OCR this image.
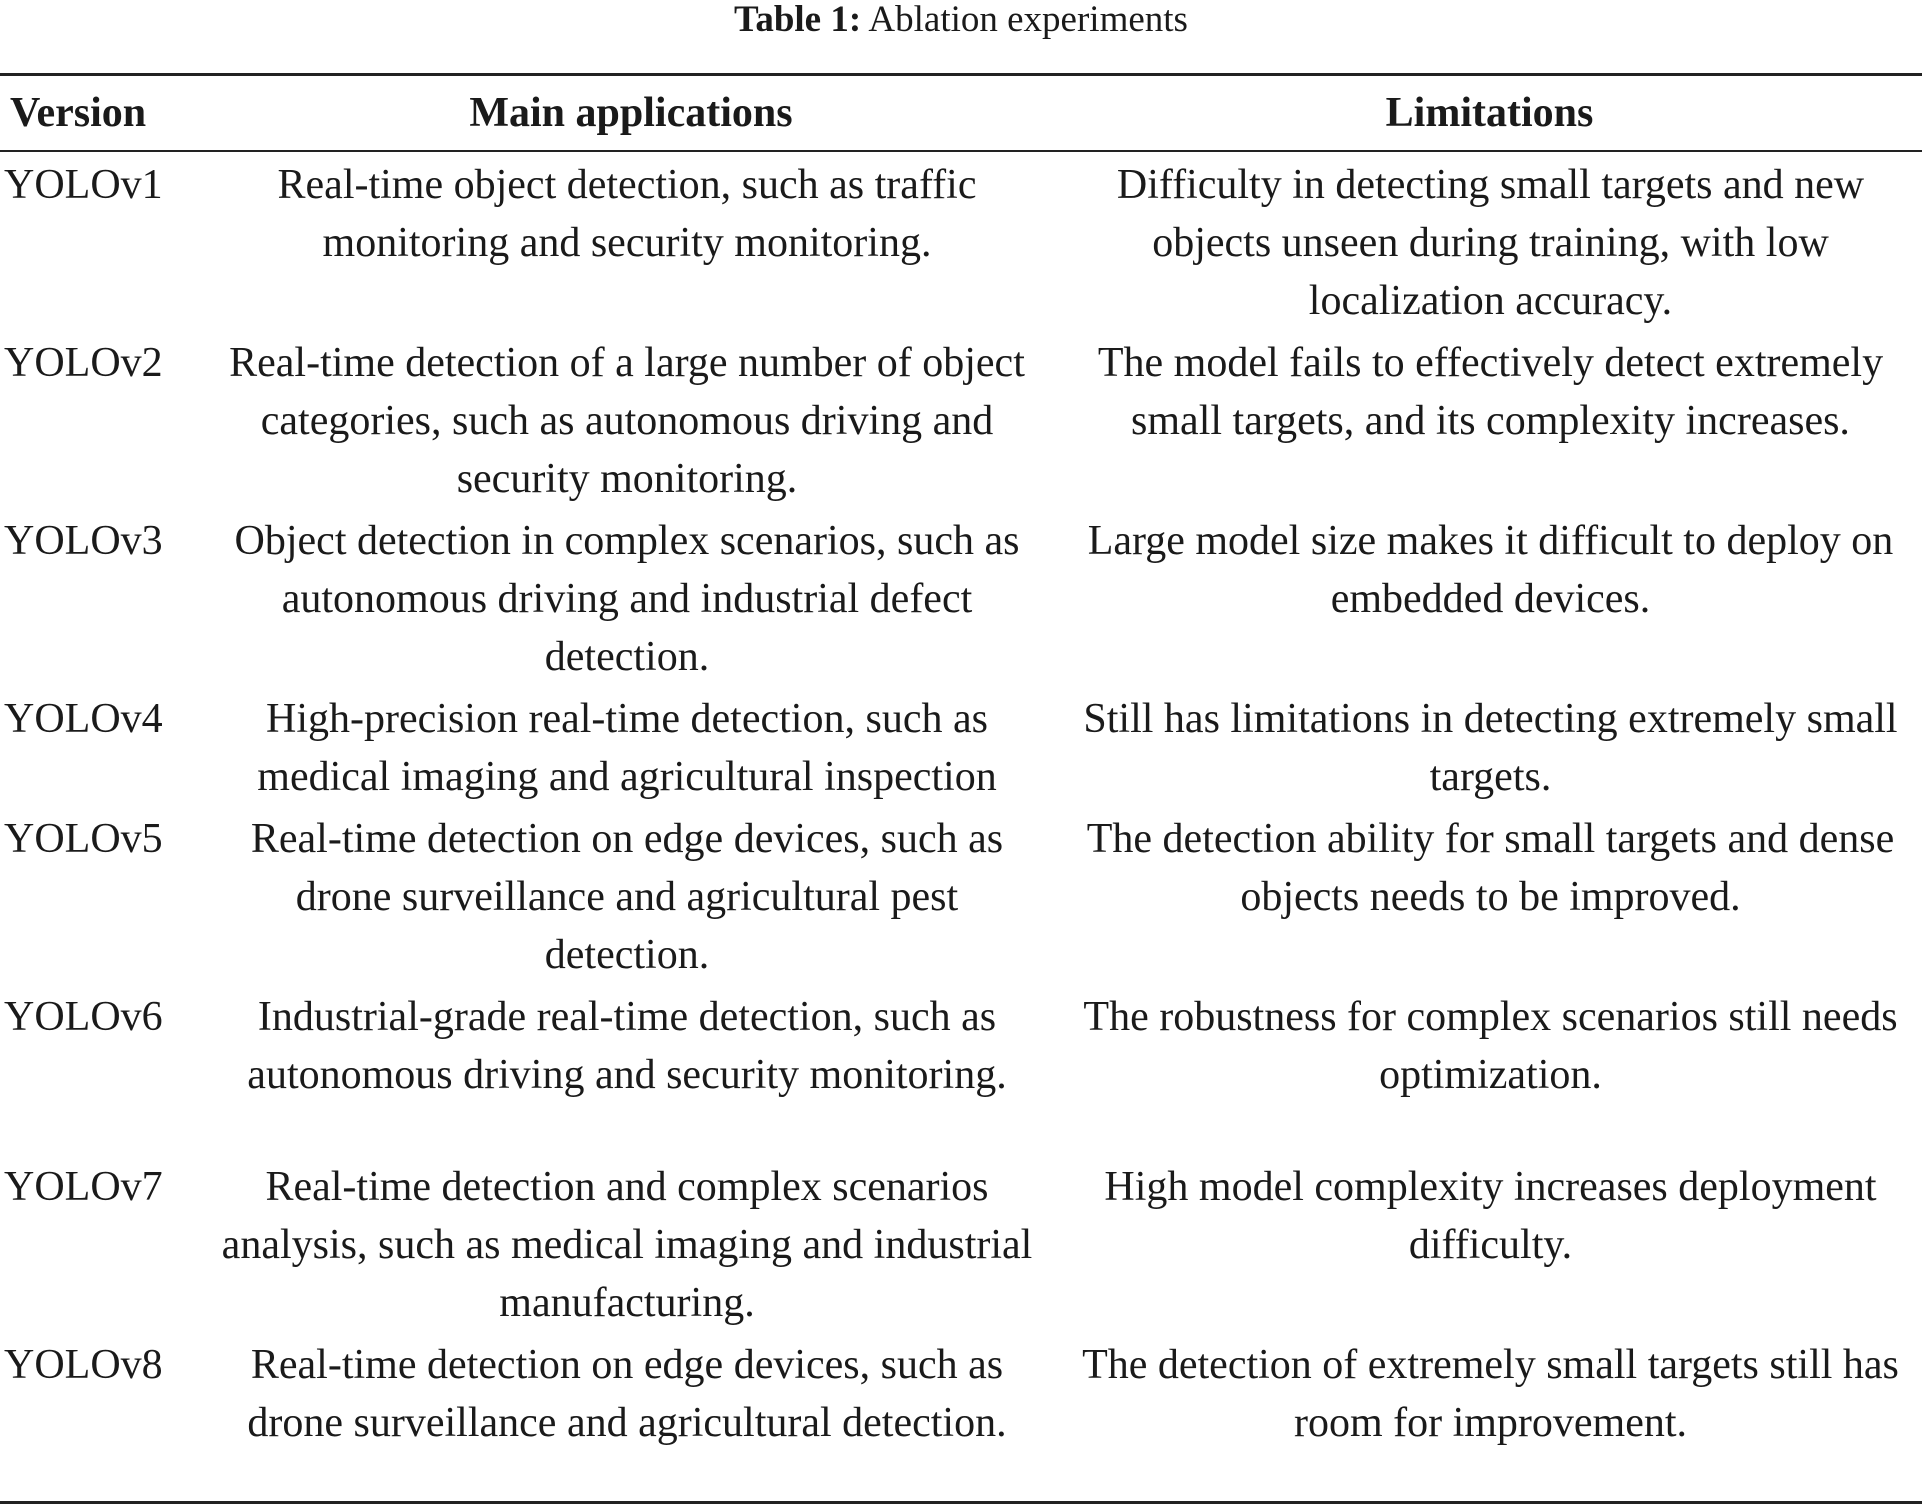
Table 1: Ablation experiments
Version	Main applications	Limitations
YOLOv1	Real-time object detection, such as traffic monitoring and security monitoring.	Difficulty in detecting small targets and new objects unseen during training, with low localization accuracy.
YOLOv2	Real-time detection of a large number of object categories, such as autonomous driving and security monitoring.	The model fails to effectively detect extremely small targets, and its complexity increases.
YOLOv3	Object detection in complex scenarios, such as autonomous driving and industrial defect detection.	Large model size makes it difficult to deploy on embedded devices.
YOLOv4	High-precision real-time detection, such as medical imaging and agricultural inspection	Still has limitations in detecting extremely small targets.
YOLOv5	Real-time detection on edge devices, such as drone surveillance and agricultural pest detection.	The detection ability for small targets and dense objects needs to be improved.
YOLOv6	Industrial-grade real-time detection, such as autonomous driving and security monitoring.	The robustness for complex scenarios still needs optimization.
YOLOv7	Real-time detection and complex scenarios analysis, such as medical imaging and industrial manufacturing.	High model complexity increases deployment difficulty.
YOLOv8	Real-time detection on edge devices, such as drone surveillance and agricultural detection.	The detection of extremely small targets still has room for improvement.
